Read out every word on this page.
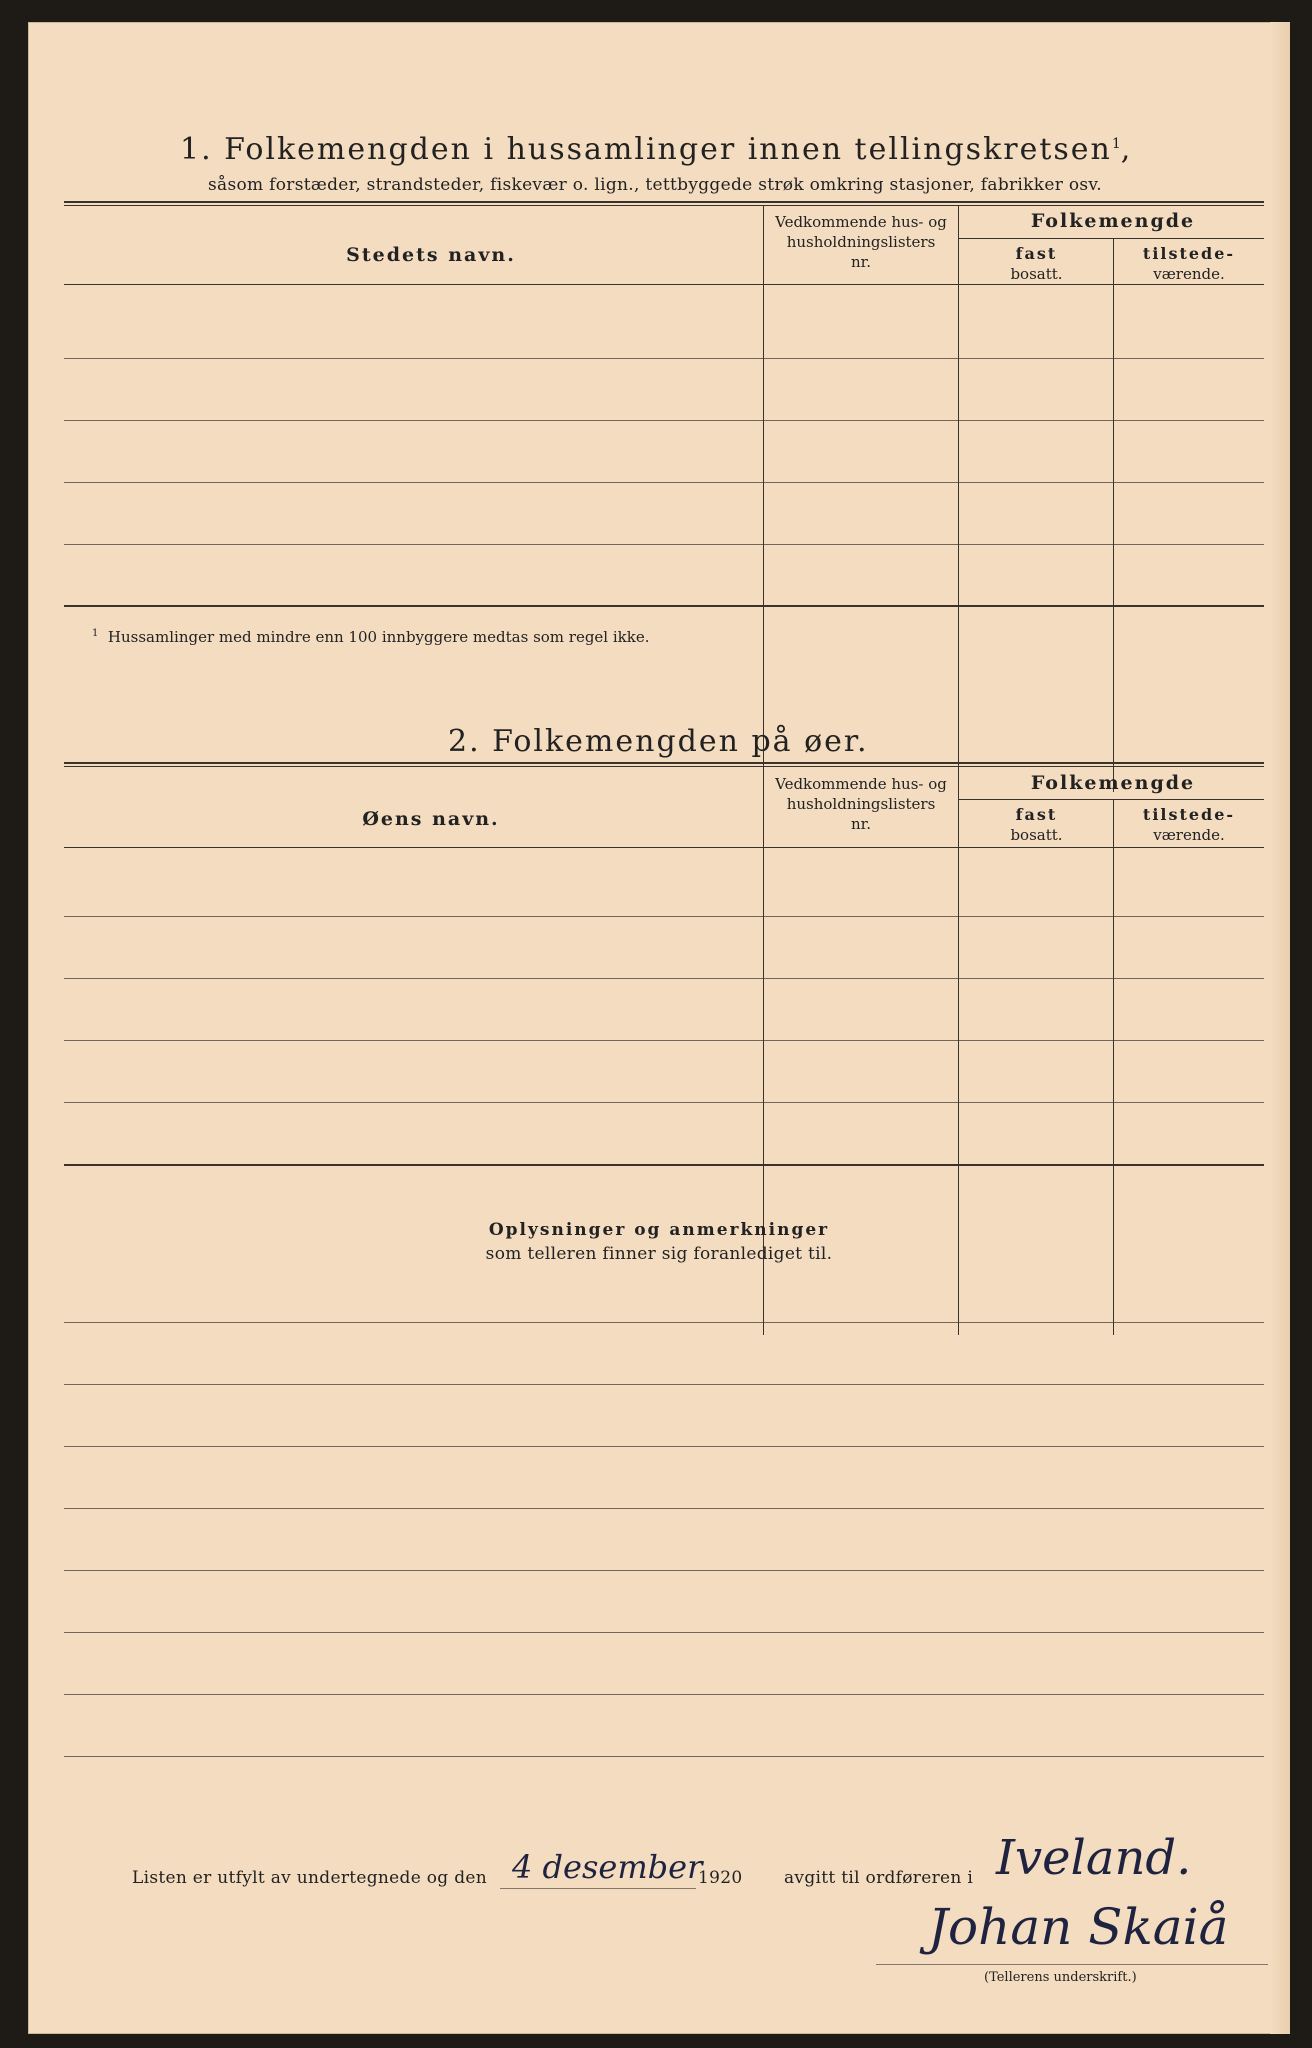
1. Folkemengden i hussamlinger innen tellingskretsen$^1$,
såsom forstæder, strandsteder, fiskevær o. lign., tettbyggede strøk omkring stasjoner, fabrikker osv.
Stedets navn.
Vedkommende hus- og
husholdningslisters
nr.
Folkemengde
fast
bosatt.
tilstede-
værende.
$^1$ Hussamlinger med mindre enn 100 innbyggere medtas som regel ikke.
2. Folkemengden på øer.
Øens navn.
Vedkommende hus- og
husholdningslisters
nr.
Folkemengde
fast
bosatt.
tilstede-
værende.
Oplysninger og anmerkninger
som telleren finner sig foranlediget til.
Listen er utfylt av undertegnede og den 4 desember
1920 avgitt til ordføreren i Iveland.
Johan Skaiå
(Tellerens underskrift.)
